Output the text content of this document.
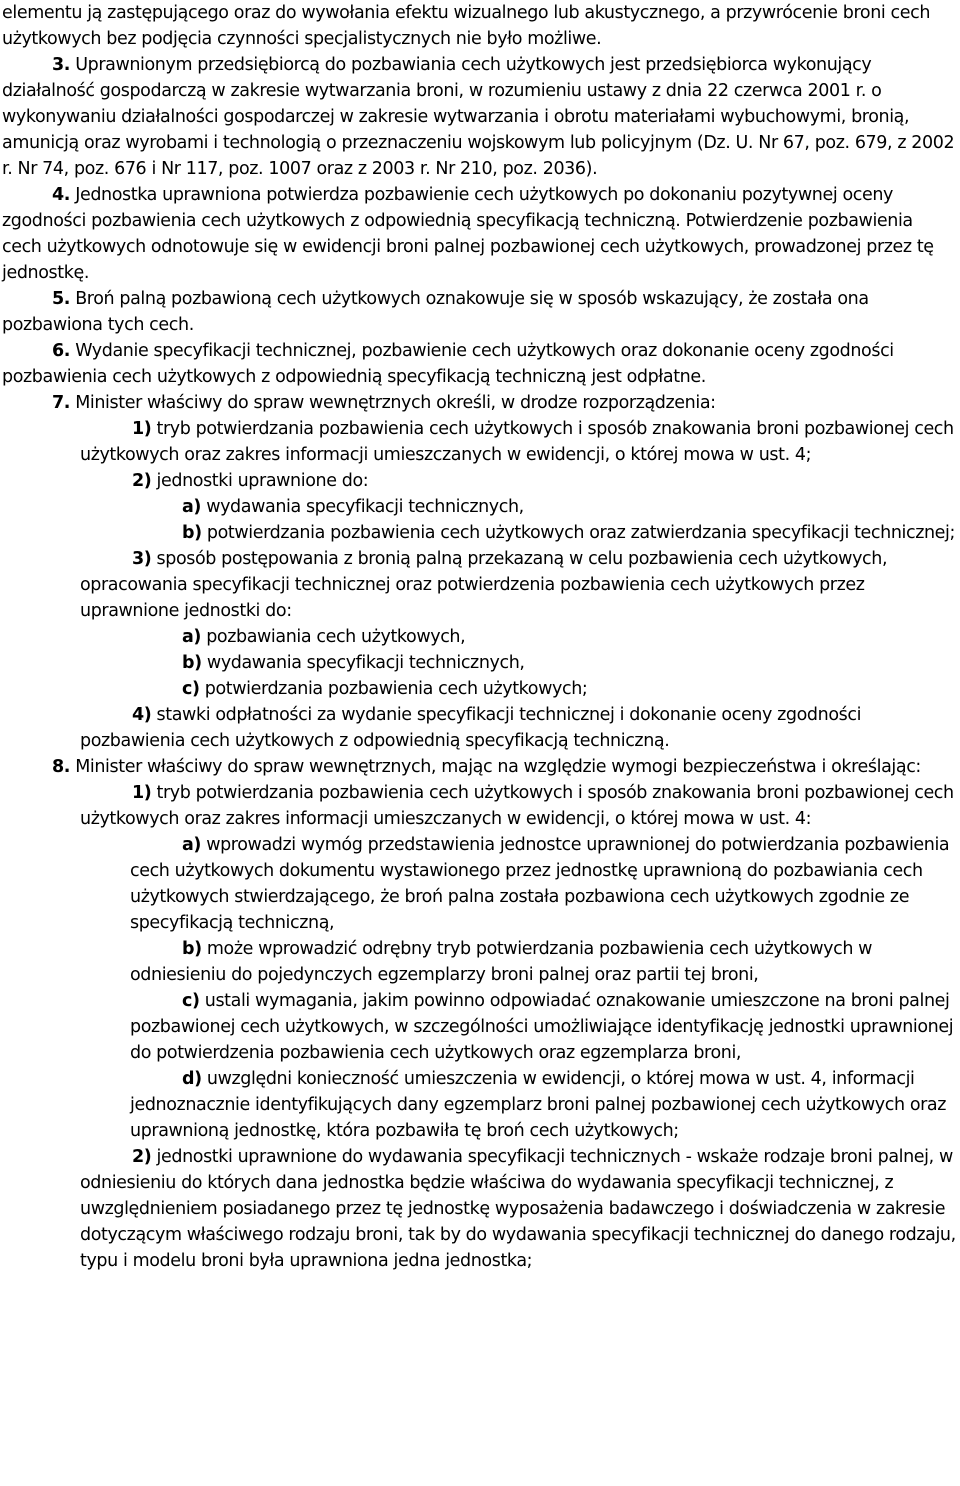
elementu ją zastępującego oraz do wywołania efektu wizualnego lub akustycznego, a przywrócenie broni cech użytkowych bez podjęcia czynności specjalistycznych nie było możliwe.

3. Uprawnionym przedsiębiorcą do pozbawiania cech użytkowych jest przedsiębiorca wykonujący działalność gospodarczą w zakresie wytwarzania broni, w rozumieniu ustawy z dnia 22 czerwca 2001 r. o wykonywaniu działalności gospodarczej w zakresie wytwarzania i obrotu materiałami wybuchowymi, bronią, amunicją oraz wyrobami i technologią o przeznaczeniu wojskowym lub policyjnym (Dz. U. Nr 67, poz. 679, z 2002 r. Nr 74, poz. 676 i Nr 117, poz. 1007 oraz z 2003 r. Nr 210, poz. 2036).

4. Jednostka uprawniona potwierdza pozbawienie cech użytkowych po dokonaniu pozytywnej oceny zgodności pozbawienia cech użytkowych z odpowiednią specyfikacją techniczną. Potwierdzenie pozbawienia cech użytkowych odnotowuje się w ewidencji broni palnej pozbawionej cech użytkowych, prowadzonej przez tę jednostkę.

5. Broń palną pozbawioną cech użytkowych oznakowuje się w sposób wskazujący, że została ona pozbawiona tych cech.

6. Wydanie specyfikacji technicznej, pozbawienie cech użytkowych oraz dokonanie oceny zgodności pozbawienia cech użytkowych z odpowiednią specyfikacją techniczną jest odpłatne.

7. Minister właściwy do spraw wewnętrznych określi, w drodze rozporządzenia:

1) tryb potwierdzania pozbawienia cech użytkowych i sposób znakowania broni pozbawionej cech użytkowych oraz zakres informacji umieszczanych w ewidencji, o której mowa w ust. 4;

2) jednostki uprawnione do:

a) wydawania specyfikacji technicznych,

b) potwierdzania pozbawienia cech użytkowych oraz zatwierdzania specyfikacji technicznej;

3) sposób postępowania z bronią palną przekazaną w celu pozbawienia cech użytkowych, opracowania specyfikacji technicznej oraz potwierdzenia pozbawienia cech użytkowych przez uprawnione jednostki do:

a) pozbawiania cech użytkowych,

b) wydawania specyfikacji technicznych,

c) potwierdzania pozbawienia cech użytkowych;

4) stawki odpłatności za wydanie specyfikacji technicznej i dokonanie oceny zgodności pozbawienia cech użytkowych z odpowiednią specyfikacją techniczną.

8. Minister właściwy do spraw wewnętrznych, mając na względzie wymogi bezpieczeństwa i określając:

1) tryb potwierdzania pozbawienia cech użytkowych i sposób znakowania broni pozbawionej cech użytkowych oraz zakres informacji umieszczanych w ewidencji, o której mowa w ust. 4:

a) wprowadzi wymóg przedstawienia jednostce uprawnionej do potwierdzania pozbawienia cech użytkowych dokumentu wystawionego przez jednostkę uprawnioną do pozbawiania cech użytkowych stwierdzającego, że broń palna została pozbawiona cech użytkowych zgodnie ze specyfikacją techniczną,

b) może wprowadzić odrębny tryb potwierdzania pozbawienia cech użytkowych w odniesieniu do pojedynczych egzemplarzy broni palnej oraz partii tej broni,

c) ustali wymagania, jakim powinno odpowiadać oznakowanie umieszczone na broni palnej pozbawionej cech użytkowych, w szczególności umożliwiające identyfikację jednostki uprawnionej do potwierdzenia pozbawienia cech użytkowych oraz egzemplarza broni,

d) uwzględni konieczność umieszczenia w ewidencji, o której mowa w ust. 4, informacji jednoznacznie identyfikujących dany egzemplarz broni palnej pozbawionej cech użytkowych oraz uprawnioną jednostkę, która pozbawiła tę broń cech użytkowych;

2) jednostki uprawnione do wydawania specyfikacji technicznych - wskaże rodzaje broni palnej, w odniesieniu do których dana jednostka będzie właściwa do wydawania specyfikacji technicznej, z uwzględnieniem posiadanego przez tę jednostkę wyposażenia badawczego i doświadczenia w zakresie dotyczącym właściwego rodzaju broni, tak by do wydawania specyfikacji technicznej do danego rodzaju, typu i modelu broni była uprawniona jedna jednostka;
